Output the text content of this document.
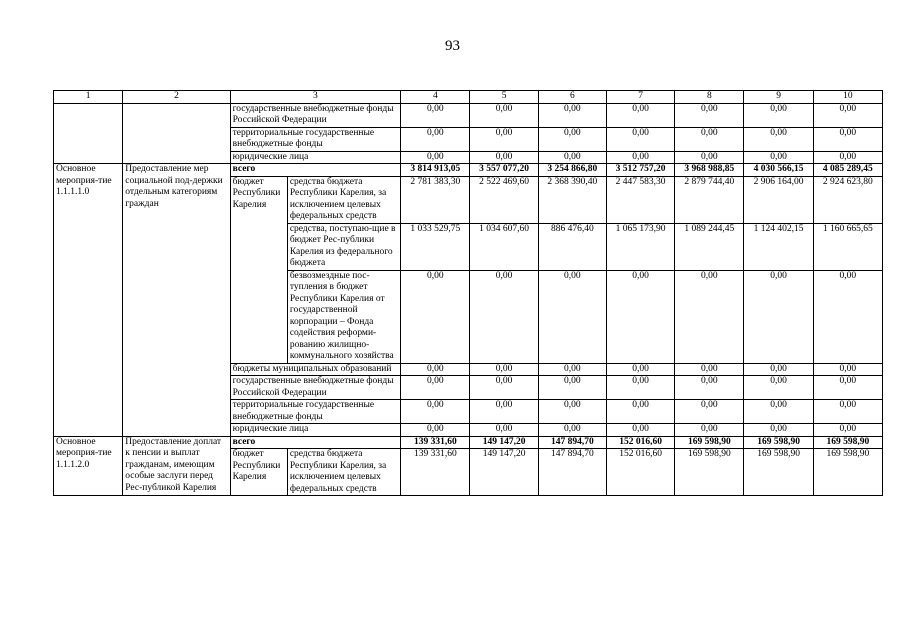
93
1	2	3		4	5	6	7	8	9	10
		государственные внебюджетные фонды Российской Федерации		0,00	0,00	0,00	0,00	0,00	0,00	0,00
		территориальные государственные внебюджетные фонды		0,00	0,00	0,00	0,00	0,00	0,00	0,00
		юридические лица		0,00	0,00	0,00	0,00	0,00	0,00	0,00
Основное мероприя-тие 1.1.1.1.0	Предоставление мер социальной под-держки отдельным категориям граждан	всего		3 814 913,05	3 557 077,20	3 254 866,80	3 512 757,20	3 968 988,85	4 030 566,15	4 085 289,45
		бюджет Республики Карелия	средства бюджета Республики Карелия, за исключением целевых федеральных средств	2 781 383,30	2 522 469,60	2 368 390,40	2 447 583,30	2 879 744,40	2 906 164,00	2 924 623,80
			средства, поступаю-щие в бюджет Рес-публики Карелия из федерального бюджета	1 033 529,75	1 034 607,60	886 476,40	1 065 173,90	1 089 244,45	1 124 402,15	1 160 665,65
			безвозмездные пос-тупления в бюджет Республики Карелия от государственной корпорации – Фонда содействия реформи-рованию жилищно-коммунального хозяйства	0,00	0,00	0,00	0,00	0,00	0,00	0,00
		бюджеты муниципальных образований		0,00	0,00	0,00	0,00	0,00	0,00	0,00
		государственные внебюджетные фонды Российской Федерации		0,00	0,00	0,00	0,00	0,00	0,00	0,00
		территориальные государственные внебюджетные фонды		0,00	0,00	0,00	0,00	0,00	0,00	0,00
		юридические лица		0,00	0,00	0,00	0,00	0,00	0,00	0,00
Основное мероприя-тие 1.1.1.2.0	Предоставление доплат к пенсии и выплат гражданам, имеющим особые заслуги перед Рес-публикой Карелия	всего		139 331,60	149 147,20	147 894,70	152 016,60	169 598,90	169 598,90	169 598,90
		бюджет Республики Карелия	средства бюджета Республики Карелия, за исключением целевых федеральных средств	139 331,60	149 147,20	147 894,70	152 016,60	169 598,90	169 598,90	169 598,90
